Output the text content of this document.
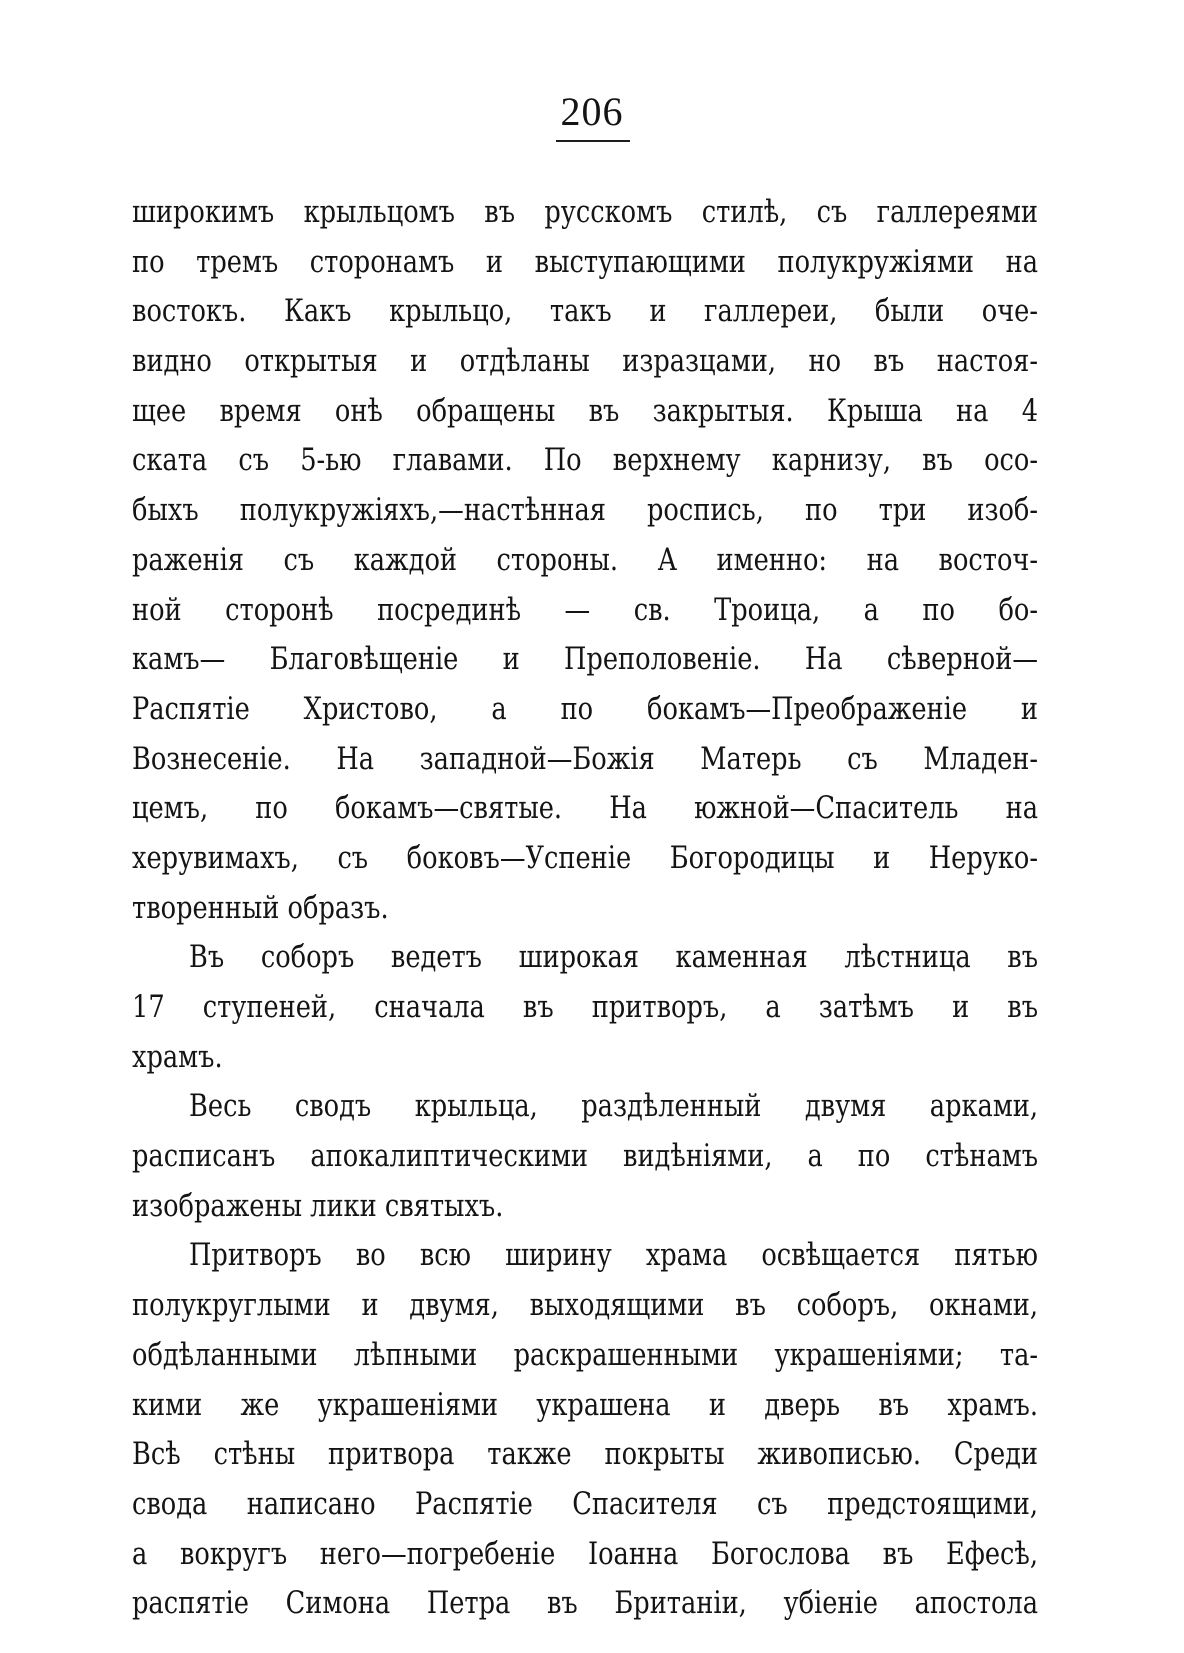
206
широкимъ крыльцомъ въ русскомъ стилѣ, съ галлереями
по тремъ сторонамъ и выступающими полукружіями на
востокъ. Какъ крыльцо, такъ и галлереи, были оче-
видно открытыя и отдѣланы изразцами, но въ настоя-
щее время онѣ обращены въ закрытыя. Крыша на 4
ската съ 5-ью главами. По верхнему карнизу, въ осо-
быхъ полукружіяхъ,—настѣнная роспись, по три изоб-
раженія съ каждой стороны. А именно: на восточ-
ной сторонѣ посрединѣ — св. Троица, а по бо-
камъ— Благовѣщеніе и Преполовеніе. На сѣверной—
Распятіе Христово, а по бокамъ—Преображеніе и
Вознесеніе. На западной—Божія Матерь съ Младен-
цемъ, по бокамъ—святые. На южной—Спаситель на
херувимахъ, съ боковъ—Успеніе Богородицы и Неруко-
творенный образъ.
Въ соборъ ведетъ широкая каменная лѣстница въ
17 ступеней, сначала въ притворъ, а затѣмъ и въ
храмъ.
Весь сводъ крыльца, раздѣленный двумя арками,
расписанъ апокалиптическими видѣніями, а по стѣнамъ
изображены лики святыхъ.
Притворъ во всю ширину храма освѣщается пятью
полукруглыми и двумя, выходящими въ соборъ, окнами,
обдѣланными лѣпными раскрашенными украшеніями; та-
кими же украшеніями украшена и дверь въ храмъ.
Всѣ стѣны притвора также покрыты живописью. Среди
свода написано Распятіе Спасителя съ предстоящими,
а вокругъ него—погребеніе Іоанна Богослова въ Ефесѣ,
распятіе Симона Петра въ Британіи, убіеніе апостола
